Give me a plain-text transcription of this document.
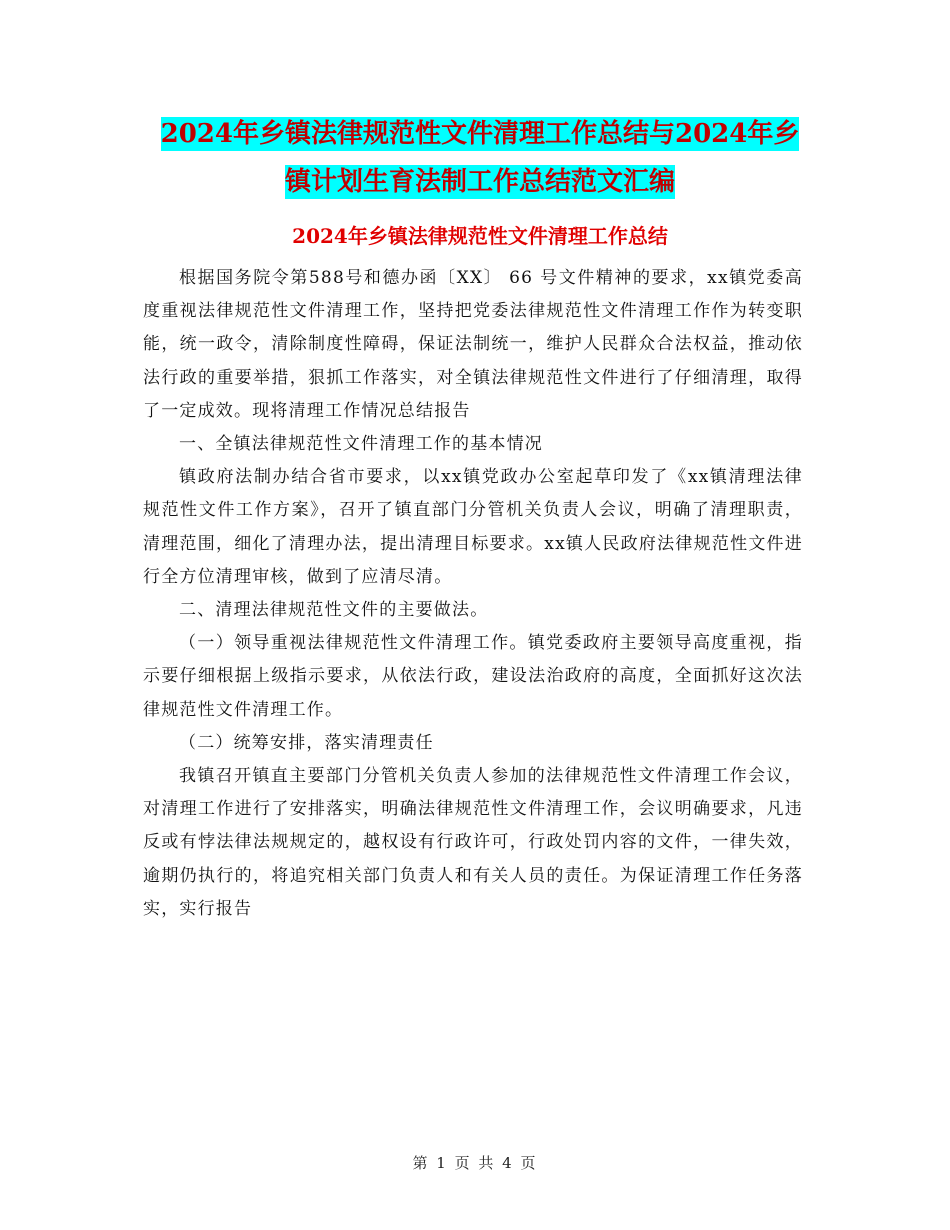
2024年乡镇法律规范性文件清理工作总结与2024年乡
镇计划生育法制工作总结范文汇编
2024年乡镇法律规范性文件清理工作总结

根据国务院令第588号和德办函〔XX〕 66 号文件精神的要求，xx镇党委高度重视法律规范性文件清理工作，坚持把党委法律规范性文件清理工作作为转变职能，统一政令，清除制度性障碍，保证法制统一，维护人民群众合法权益，推动依法行政的重要举措，狠抓工作落实，对全镇法律规范性文件进行了仔细清理，取得了一定成效。现将清理工作情况总结报告

一、全镇法律规范性文件清理工作的基本情况

镇政府法制办结合省市要求，以xx镇党政办公室起草印发了《xx镇清理法律规范性文件工作方案》，召开了镇直部门分管机关负责人会议，明确了清理职责，清理范围，细化了清理办法，提出清理目标要求。xx镇人民政府法律规范性文件进行全方位清理审核，做到了应清尽清。

二、清理法律规范性文件的主要做法。

（一）领导重视法律规范性文件清理工作。镇党委政府主要领导高度重视，指示要仔细根据上级指示要求，从依法行政，建设法治政府的高度，全面抓好这次法律规范性文件清理工作。

（二）统筹安排，落实清理责任

我镇召开镇直主要部门分管机关负责人参加的法律规范性文件清理工作会议，对清理工作进行了安排落实，明确法律规范性文件清理工作，会议明确要求，凡违反或有悖法律法规规定的，越权设有行政许可，行政处罚内容的文件，一律失效，逾期仍执行的，将追究相关部门负责人和有关人员的责任。为保证清理工作任务落实，实行报告

第 1 页 共 4 页
